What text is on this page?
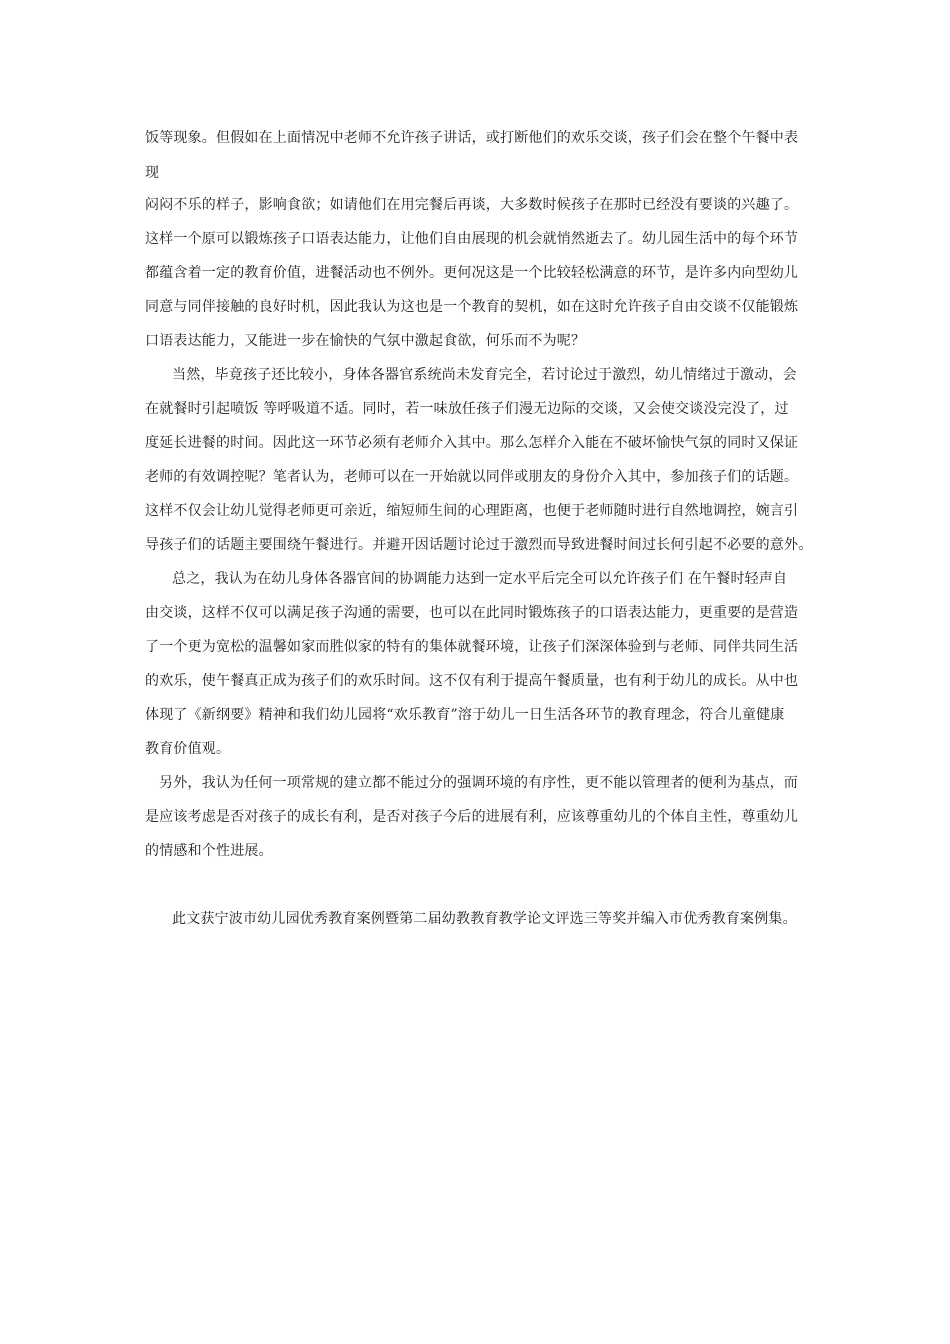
饭等现象。但假如在上面情况中老师不允许孩子讲话，或打断他们的欢乐交谈，孩子们会在整个午餐中表
现
闷闷不乐的样子，影响食欲；如请他们在用完餐后再谈，大多数时候孩子在那时已经没有要谈的兴趣了。
这样一个原可以锻炼孩子口语表达能力，让他们自由展现的机会就悄然逝去了。幼儿园生活中的每个环节
都蕴含着一定的教育价值，进餐活动也不例外。更何况这是一个比较轻松满意的环节，是许多内向型幼儿
同意与同伴接触的良好时机，因此我认为这也是一个教育的契机，如在这时允许孩子自由交谈不仅能锻炼
口语表达能力，又能进一步在愉快的气氛中激起食欲，何乐而不为呢？
当然，毕竟孩子还比较小，身体各器官系统尚未发育完全，若讨论过于激烈，幼儿情绪过于激动，会
在就餐时引起喷饭 等呼吸道不适。同时，若一味放任孩子们漫无边际的交谈，又会使交谈没完没了，过
度延长进餐的时间。因此这一环节必须有老师介入其中。那么怎样介入能在不破坏愉快气氛的同时又保证
老师的有效调控呢？笔者认为，老师可以在一开始就以同伴或朋友的身份介入其中，参加孩子们的话题。
这样不仅会让幼儿觉得老师更可亲近，缩短师生间的心理距离，也便于老师随时进行自然地调控，婉言引
导孩子们的话题主要围绕午餐进行。并避开因话题讨论过于激烈而导致进餐时间过长何引起不必要的意外。
总之，我认为在幼儿身体各器官间的协调能力达到一定水平后完全可以允许孩子们 在午餐时轻声自
由交谈，这样不仅可以满足孩子沟通的需要，也可以在此同时锻炼孩子的口语表达能力，更重要的是营造
了一个更为宽松的温馨如家而胜似家的特有的集体就餐环境，让孩子们深深体验到与老师、同伴共同生活
的欢乐，使午餐真正成为孩子们的欢乐时间。这不仅有利于提高午餐质量，也有利于幼儿的成长。从中也
体现了《新纲要》精神和我们幼儿园将“欢乐教育”溶于幼儿一日生活各环节的教育理念，符合儿童健康
教育价值观。
另外，我认为任何一项常规的建立都不能过分的强调环境的有序性，更不能以管理者的便利为基点，而
是应该考虑是否对孩子的成长有利，是否对孩子今后的进展有利，应该尊重幼儿的个体自主性，尊重幼儿
的情感和个性进展。
此文获宁波市幼儿园优秀教育案例暨第二届幼教教育教学论文评选三等奖并编入市优秀教育案例集。
